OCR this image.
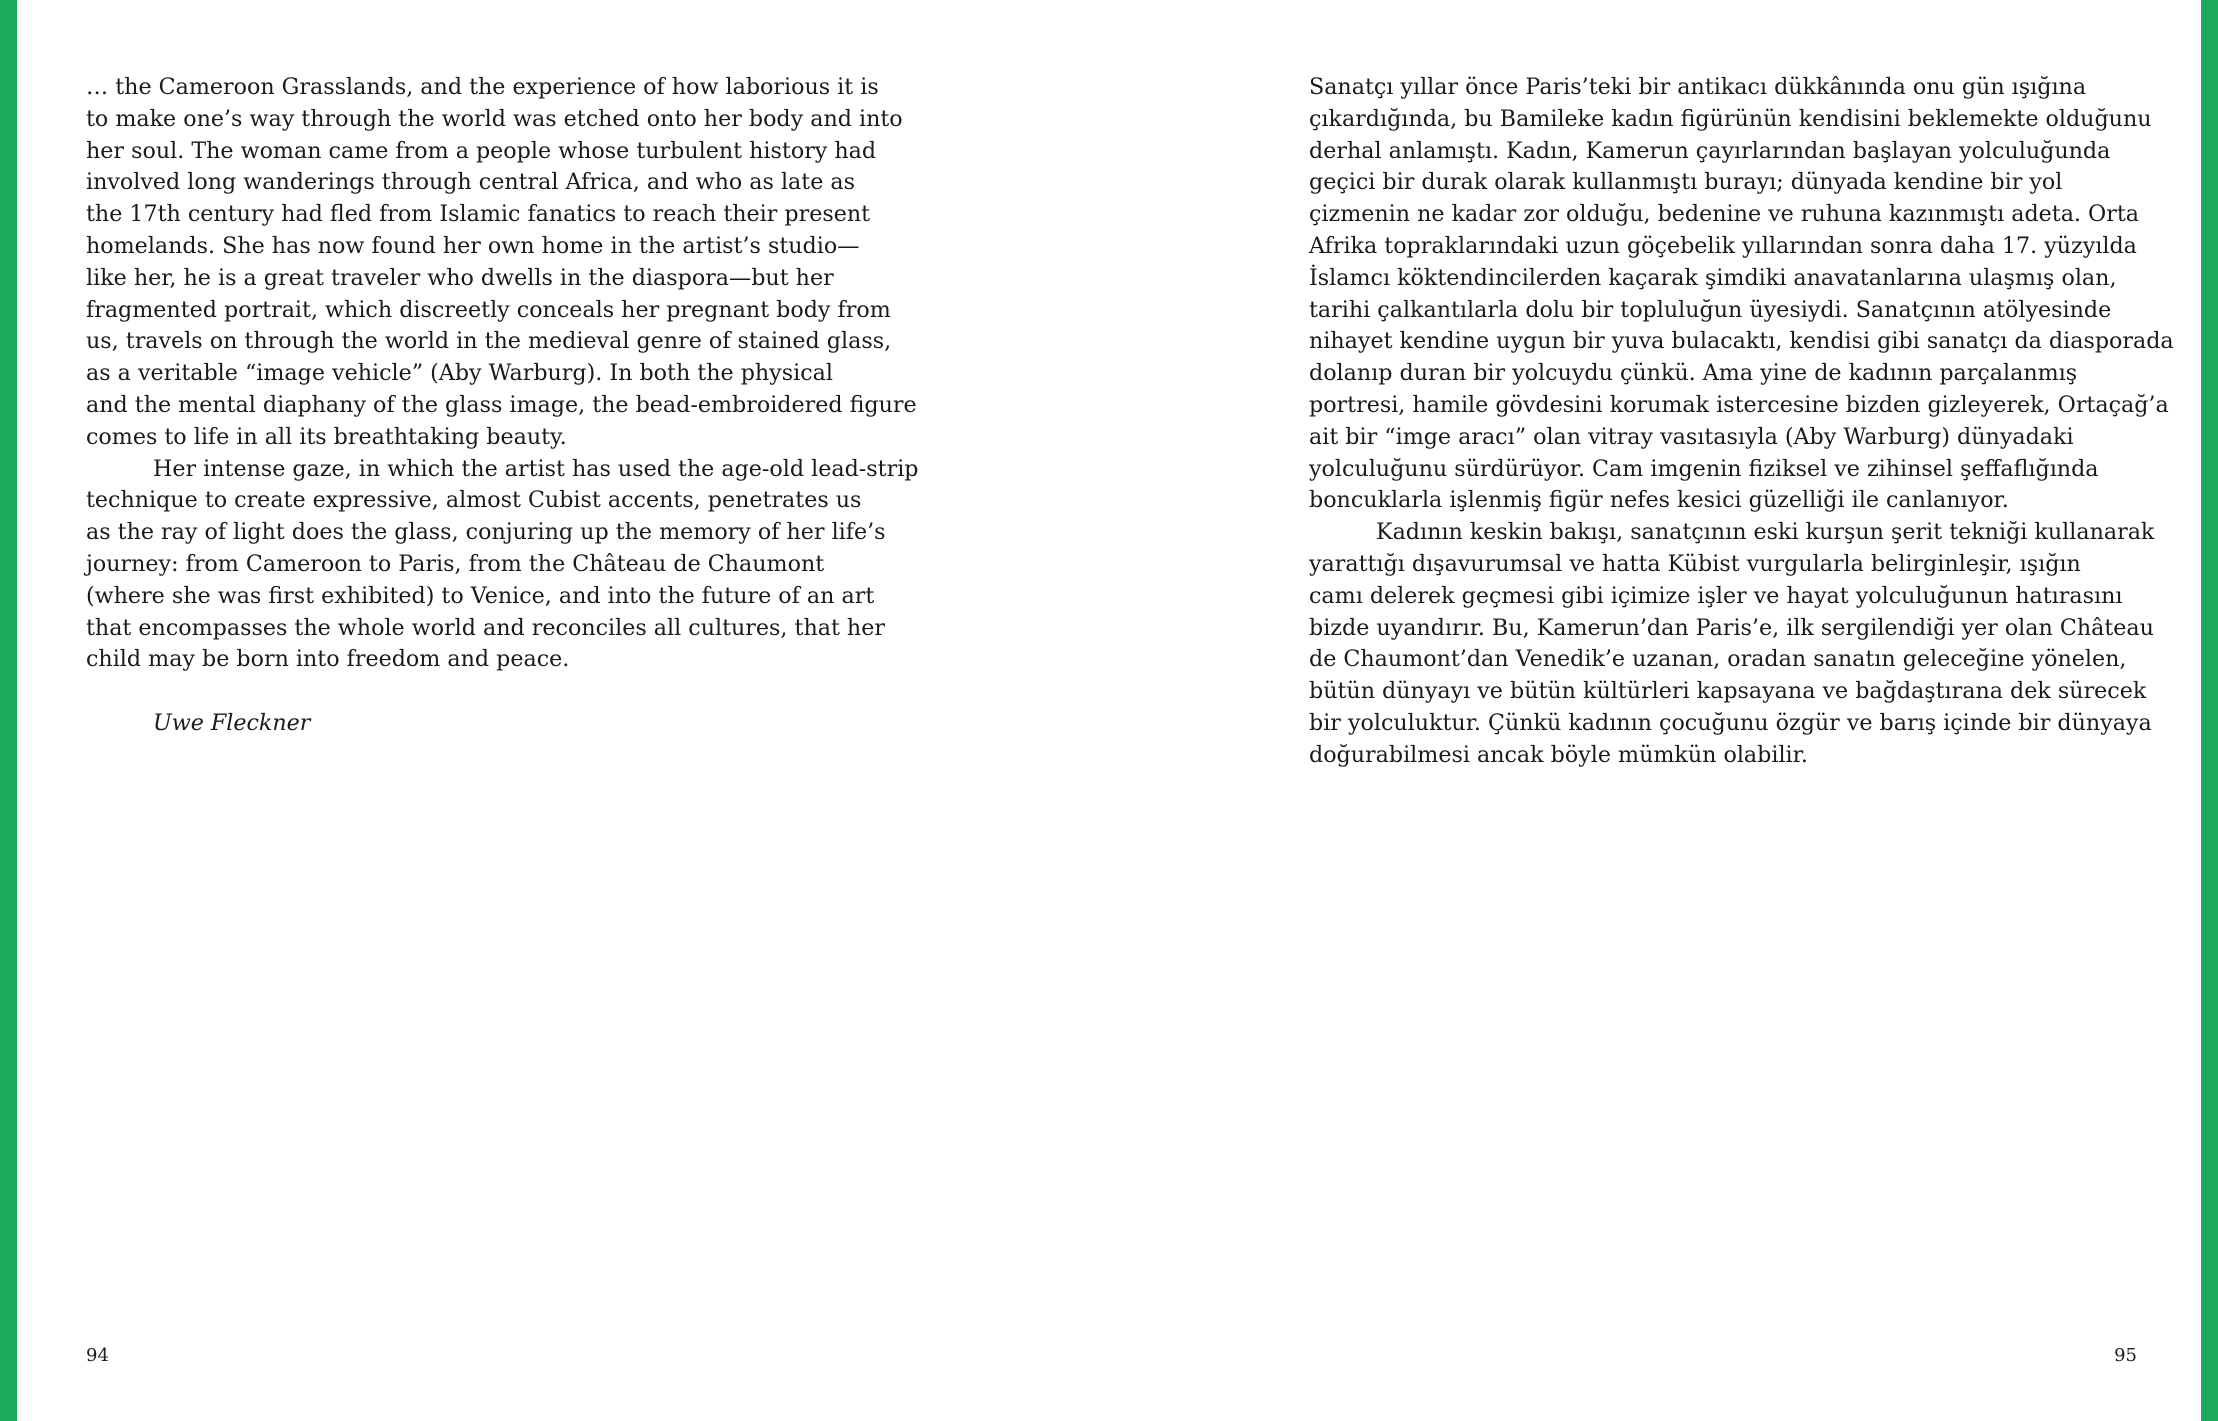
… the Cameroon Grasslands, and the experience of how laborious it is
to make one’s way through the world was etched onto her body and into
her soul. The woman came from a people whose turbulent history had
involved long wanderings through central Africa, and who as late as
the 17th century had fled from Islamic fanatics to reach their present
homelands. She has now found her own home in the artist’s studio—
like her, he is a great traveler who dwells in the diaspora—but her
fragmented portrait, which discreetly conceals her pregnant body from
us, travels on through the world in the medieval genre of stained glass,
as a veritable “image vehicle” (Aby Warburg). In both the physical
and the mental diaphany of the glass image, the bead-embroidered figure
comes to life in all its breathtaking beauty.
Her intense gaze, in which the artist has used the age-old lead-strip
technique to create expressive, almost Cubist accents, penetrates us
as the ray of light does the glass, conjuring up the memory of her life’s
journey: from Cameroon to Paris, from the Château de Chaumont
(where she was first exhibited) to Venice, and into the future of an art
that encompasses the whole world and reconciles all cultures, that her
child may be born into freedom and peace.
Uwe Fleckner
94
Sanatçı yıllar önce Paris’teki bir antikacı dükkânında onu gün ışığına
çıkardığında, bu Bamileke kadın figürünün kendisini beklemekte olduğunu
derhal anlamıştı. Kadın, Kamerun çayırlarından başlayan yolculuğunda
geçici bir durak olarak kullanmıştı burayı; dünyada kendine bir yol
çizmenin ne kadar zor olduğu, bedenine ve ruhuna kazınmıştı adeta. Orta
Afrika topraklarındaki uzun göçebelik yıllarından sonra daha 17. yüzyılda
İslamcı köktendincilerden kaçarak şimdiki anavatanlarına ulaşmış olan,
tarihi çalkantılarla dolu bir topluluğun üyesiydi. Sanatçının atölyesinde
nihayet kendine uygun bir yuva bulacaktı, kendisi gibi sanatçı da diasporada
dolanıp duran bir yolcuydu çünkü. Ama yine de kadının parçalanmış
portresi, hamile gövdesini korumak istercesine bizden gizleyerek, Ortaçağ’a
ait bir “imge aracı” olan vitray vasıtasıyla (Aby Warburg) dünyadaki
yolculuğunu sürdürüyor. Cam imgenin fiziksel ve zihinsel şeffaflığında
boncuklarla işlenmiş figür nefes kesici güzelliği ile canlanıyor.
Kadının keskin bakışı, sanatçının eski kurşun şerit tekniği kullanarak
yarattığı dışavurumsal ve hatta Kübist vurgularla belirginleşir, ışığın
camı delerek geçmesi gibi içimize işler ve hayat yolculuğunun hatırasını
bizde uyandırır. Bu, Kamerun’dan Paris’e, ilk sergilendiği yer olan Château
de Chaumont’dan Venedik’e uzanan, oradan sanatın geleceğine yönelen,
bütün dünyayı ve bütün kültürleri kapsayana ve bağdaştırana dek sürecek
bir yolculuktur. Çünkü kadının çocuğunu özgür ve barış içinde bir dünyaya
doğurabilmesi ancak böyle mümkün olabilir.
95
